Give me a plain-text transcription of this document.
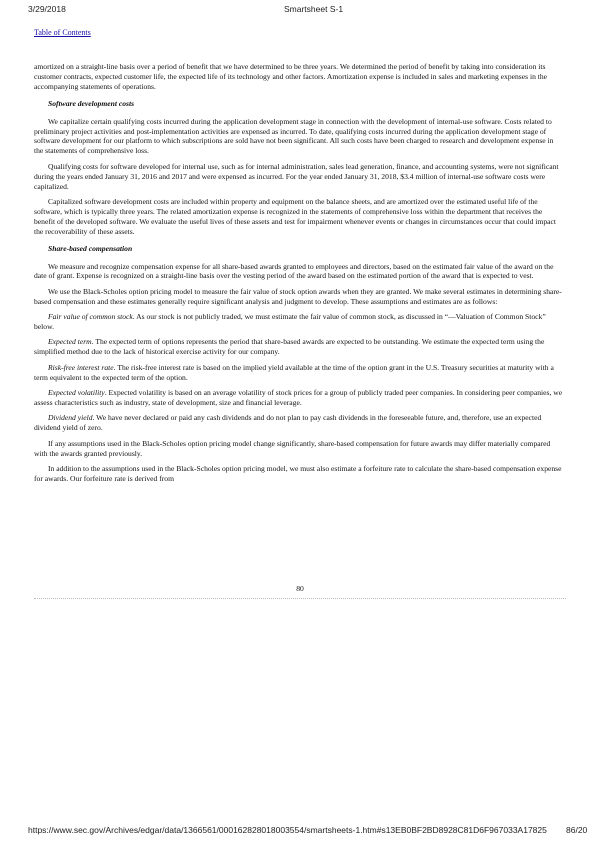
3/29/2018	Smartsheet S-1
Table of Contents

amortized on a straight-line basis over a period of benefit that we have determined to be three years. We determined the period of benefit by taking into consideration its customer contracts, expected customer life, the expected life of its technology and other factors. Amortization expense is included in sales and marketing expenses in the accompanying statements of operations.

Software development costs

We capitalize certain qualifying costs incurred during the application development stage in connection with the development of internal-use software. Costs related to preliminary project activities and post-implementation activities are expensed as incurred. To date, qualifying costs incurred during the application development stage of software development for our platform to which subscriptions are sold have not been significant. All such costs have been charged to research and development expense in the statements of comprehensive loss.

Qualifying costs for software developed for internal use, such as for internal administration, sales lead generation, finance, and accounting systems, were not significant during the years ended January 31, 2016 and 2017 and were expensed as incurred. For the year ended January 31, 2018, $3.4 million of internal-use software costs were capitalized.

Capitalized software development costs are included within property and equipment on the balance sheets, and are amortized over the estimated useful life of the software, which is typically three years. The related amortization expense is recognized in the statements of comprehensive loss within the department that receives the benefit of the developed software. We evaluate the useful lives of these assets and test for impairment whenever events or changes in circumstances occur that could impact the recoverability of these assets.

Share-based compensation

We measure and recognize compensation expense for all share-based awards granted to employees and directors, based on the estimated fair value of the award on the date of grant. Expense is recognized on a straight-line basis over the vesting period of the award based on the estimated portion of the award that is expected to vest.

We use the Black-Scholes option pricing model to measure the fair value of stock option awards when they are granted. We make several estimates in determining share-based compensation and these estimates generally require significant analysis and judgment to develop. These assumptions and estimates are as follows:

Fair value of common stock. As our stock is not publicly traded, we must estimate the fair value of common stock, as discussed in “—Valuation of Common Stock” below.

Expected term. The expected term of options represents the period that share-based awards are expected to be outstanding. We estimate the expected term using the simplified method due to the lack of historical exercise activity for our company.

Risk-free interest rate. The risk-free interest rate is based on the implied yield available at the time of the option grant in the U.S. Treasury securities at maturity with a term equivalent to the expected term of the option.

Expected volatility. Expected volatility is based on an average volatility of stock prices for a group of publicly traded peer companies. In considering peer companies, we assess characteristics such as industry, state of development, size and financial leverage.

Dividend yield. We have never declared or paid any cash dividends and do not plan to pay cash dividends in the foreseeable future, and, therefore, use an expected dividend yield of zero.

If any assumptions used in the Black-Scholes option pricing model change significantly, share-based compensation for future awards may differ materially compared with the awards granted previously.

In addition to the assumptions used in the Black-Scholes option pricing model, we must also estimate a forfeiture rate to calculate the share-based compensation expense for awards. Our forfeiture rate is derived from

80
https://www.sec.gov/Archives/edgar/data/1366561/000162828018003554/smartsheets-1.htm#s13EB0BF2BD8928C81D6F967033A17825 86/20
